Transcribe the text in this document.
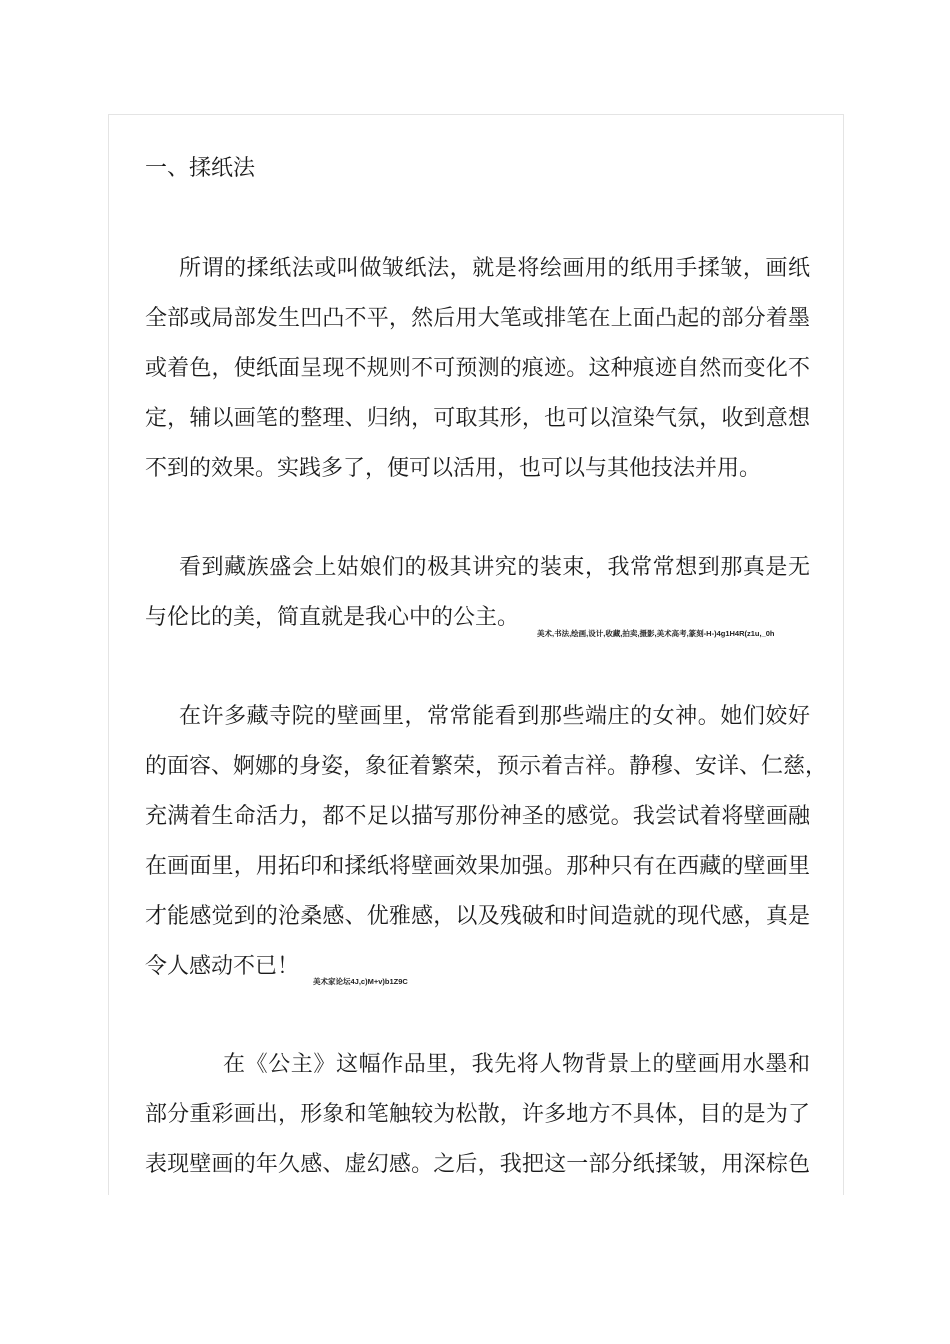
一、揉纸法
所谓的揉纸法或叫做皱纸法，就是将绘画用的纸用手揉皱，画纸
全部或局部发生凹凸不平，然后用大笔或排笔在上面凸起的部分着墨
或着色，使纸面呈现不规则不可预测的痕迹。这种痕迹自然而变化不
定，辅以画笔的整理、归纳，可取其形，也可以渲染气氛，收到意想
不到的效果。实践多了，便可以活用，也可以与其他技法并用。
看到藏族盛会上姑娘们的极其讲究的装束，我常常想到那真是无
与伦比的美，简直就是我心中的公主。
美术,书法,绘画,设计,收藏,拍卖,摄影,美术高考,篆刻-H-)4g1H4R(z1u,_0h
在许多藏寺院的壁画里，常常能看到那些端庄的女神。她们姣好
的面容、婀娜的身姿，象征着繁荣，预示着吉祥。静穆、安详、仁慈，
充满着生命活力，都不足以描写那份神圣的感觉。我尝试着将壁画融
在画面里，用拓印和揉纸将壁画效果加强。那种只有在西藏的壁画里
才能感觉到的沧桑感、优雅感，以及残破和时间造就的现代感，真是
令人感动不已！
美术家论坛4J,c)M+v)b1Z9C
在《公主》这幅作品里，我先将人物背景上的壁画用水墨和
部分重彩画出，形象和笔触较为松散，许多地方不具体，目的是为了
表现壁画的年久感、虚幻感。之后，我把这一部分纸揉皱，用深棕色
